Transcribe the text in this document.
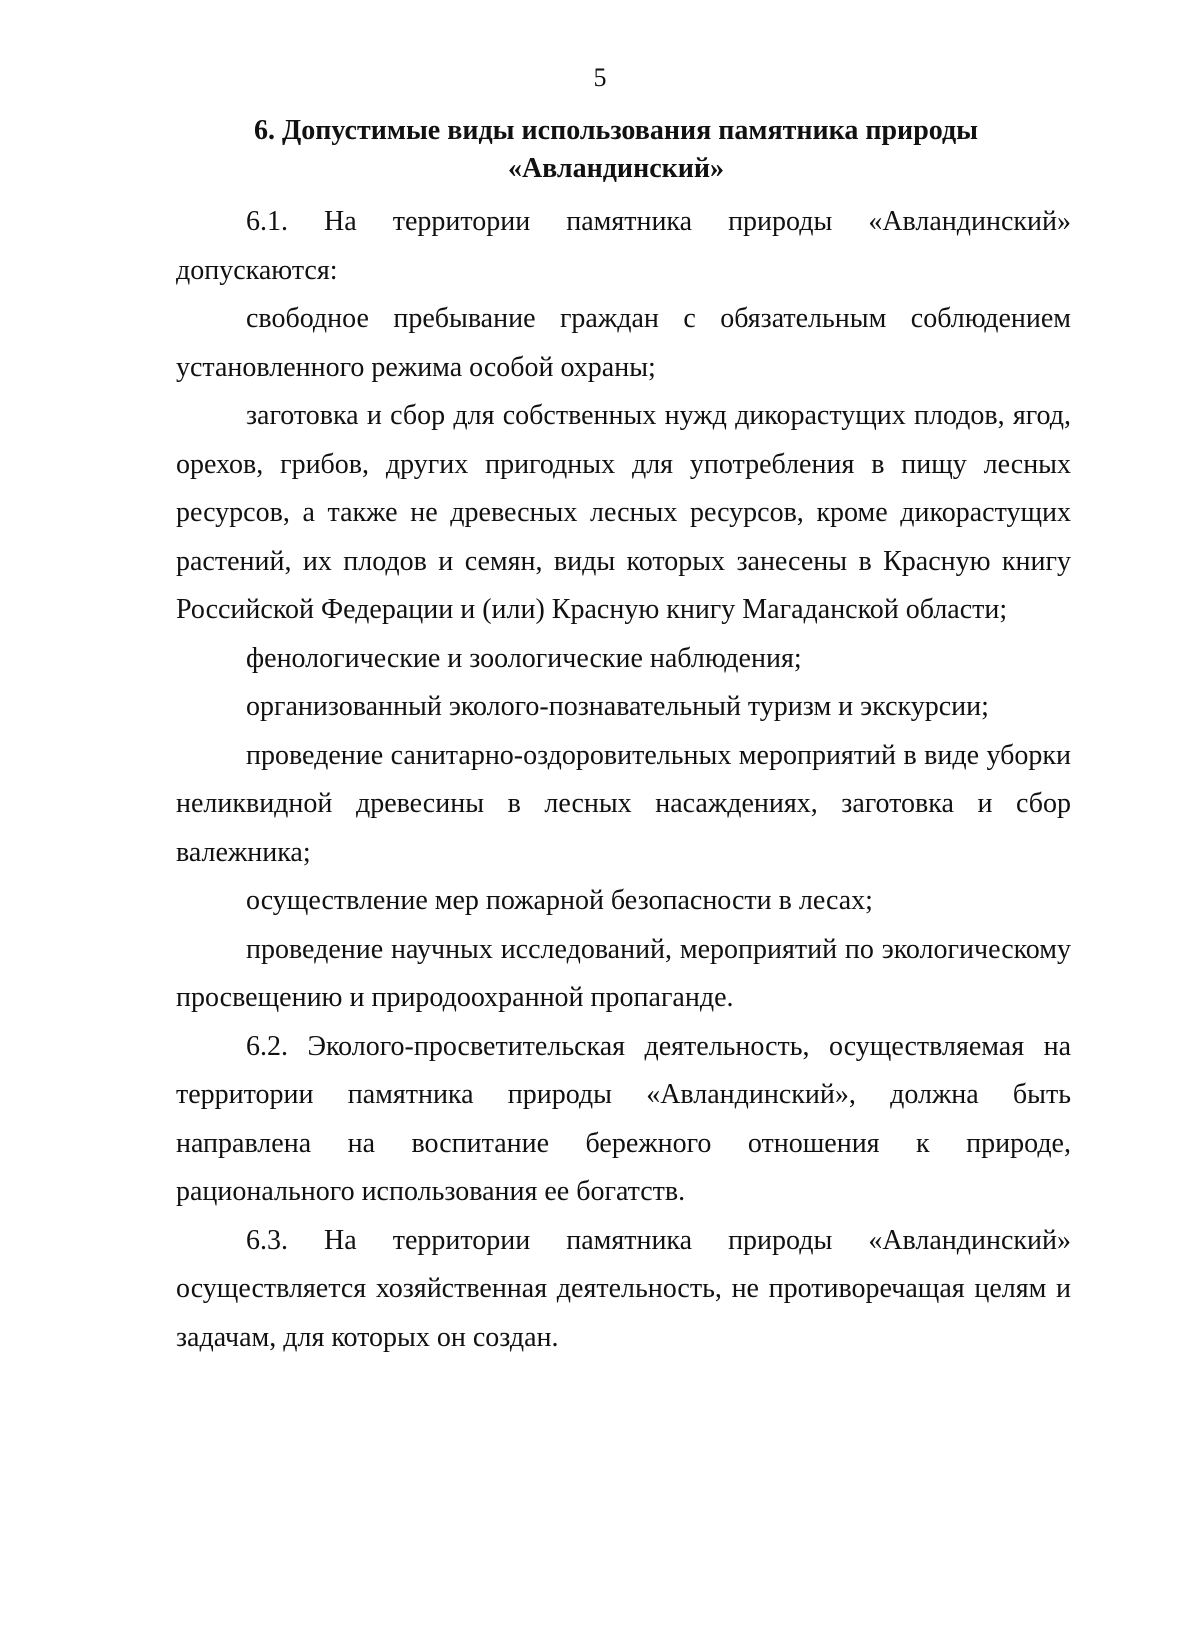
5
6. Допустимые виды использования памятника природы
«Авландинский»

6.1. На территории памятника природы «Авландинский» допускаются:

свободное пребывание граждан с обязательным соблюдением установленного режима особой охраны;

заготовка и сбор для собственных нужд дикорастущих плодов, ягод, орехов, грибов, других пригодных для употребления в пищу лесных ресурсов, а также не древесных лесных ресурсов, кроме дикорастущих растений, их плодов и семян, виды которых занесены в Красную книгу Российской Федерации и (или) Красную книгу Магаданской области;

фенологические и зоологические наблюдения;

организованный эколого-познавательный туризм и экскурсии;

проведение санитарно-оздоровительных мероприятий в виде уборки неликвидной древесины в лесных насаждениях, заготовка и сбор валежника;

осуществление мер пожарной безопасности в лесах;

проведение научных исследований, мероприятий по экологическому просвещению и природоохранной пропаганде.

6.2. Эколого-просветительская деятельность, осуществляемая на территории памятника природы «Авландинский», должна быть направлена на воспитание бережного отношения к природе, рационального использования ее богатств.

6.3. На территории памятника природы «Авландинский» осуществляется хозяйственная деятельность, не противоречащая целям и задачам, для которых он создан.
